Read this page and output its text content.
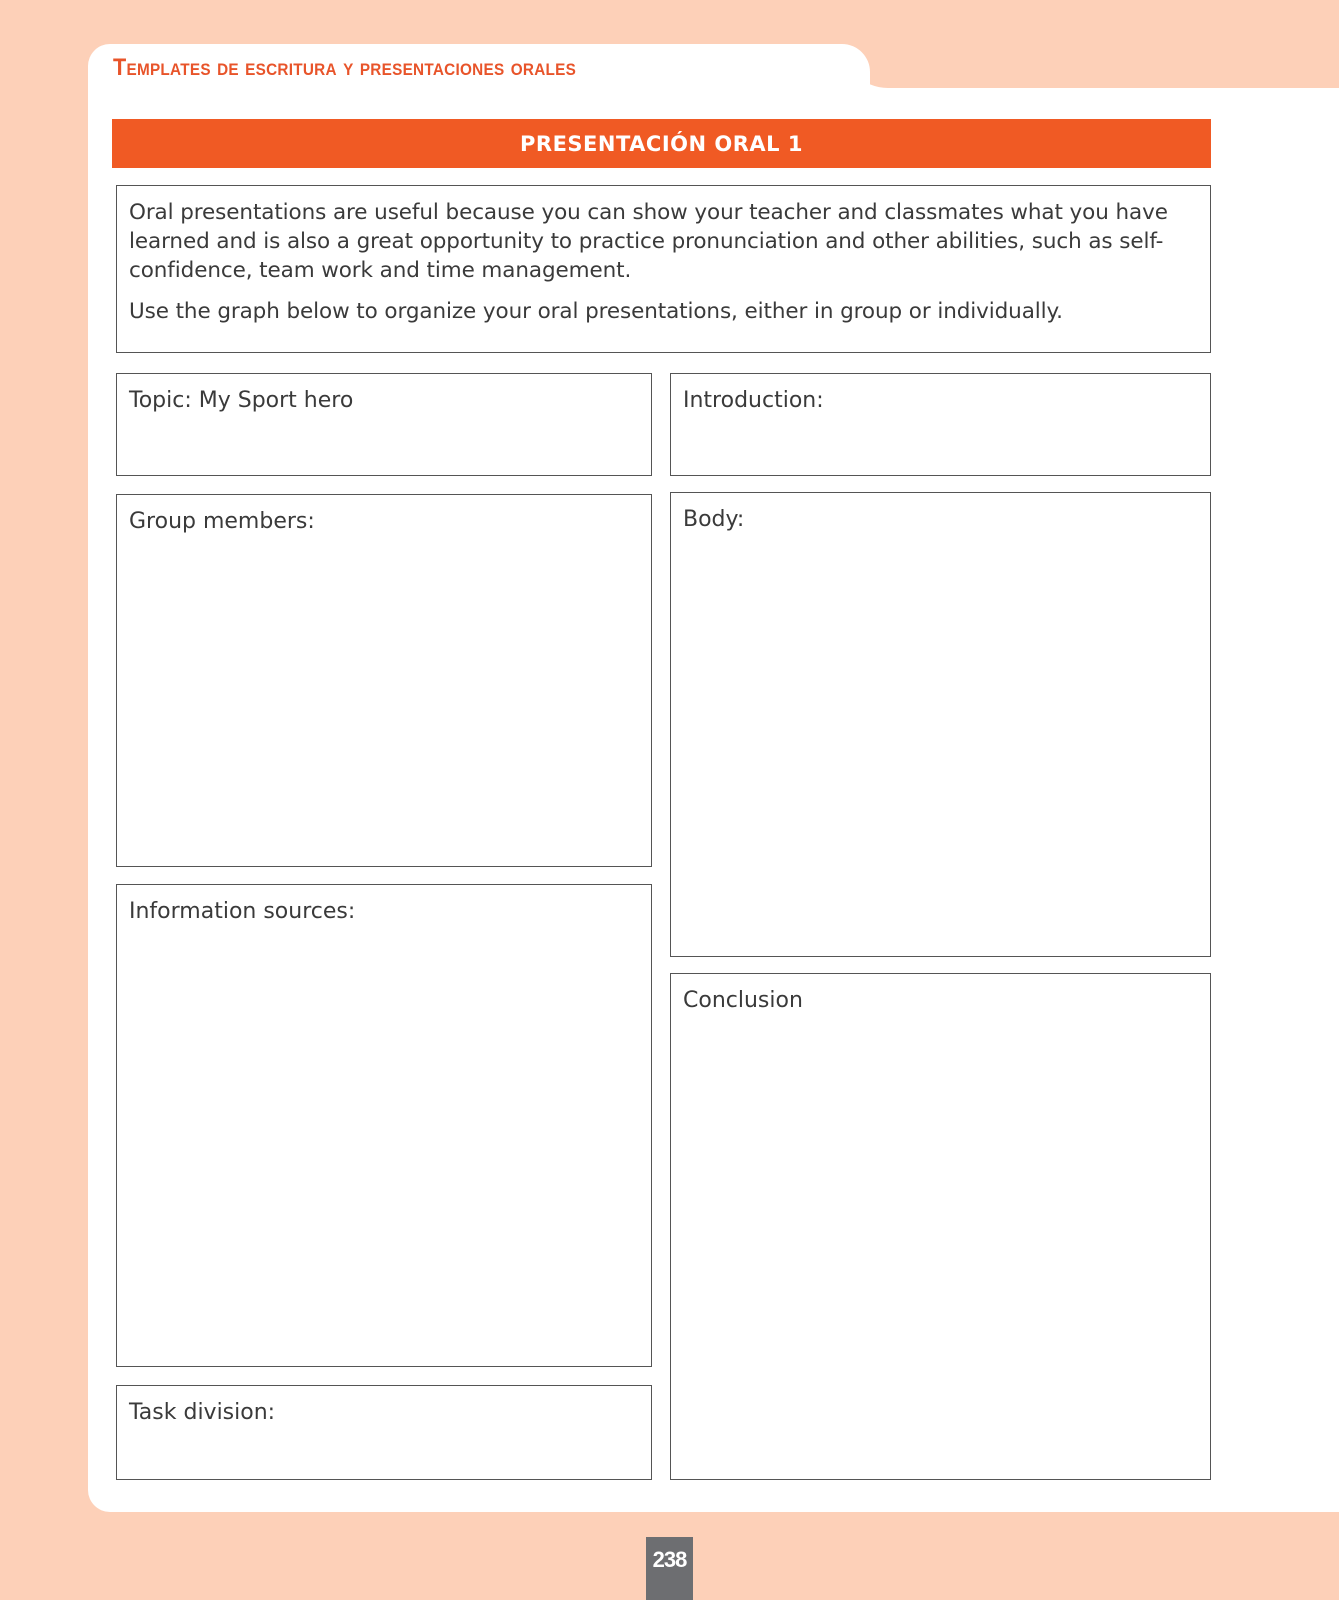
Templates de escritura y presentaciones orales
PRESENTACIÓN ORAL 1

Oral presentations are useful because you can show your teacher and classmates what you have learned and is also a great opportunity to practice pronunciation and other abilities, such as self-confidence, team work and time management.

Use the graph below to organize your oral presentations, either in group or individually.

Topic: My Sport hero
Group members:
Information sources:
Task division:
Introduction:
Body:
Conclusion
238
